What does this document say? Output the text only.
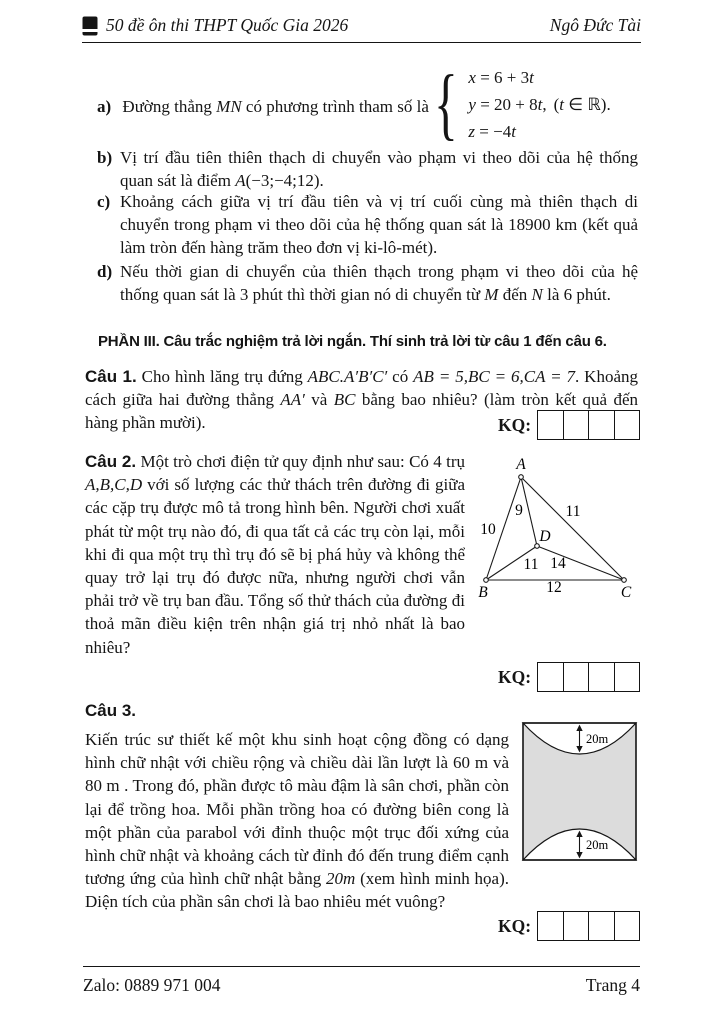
50 đề ôn thi THPT Quốc Gia 2026	Ngô Đức Tài
a) Đường thẳng MN có phương trình tham số là { x = 6 + 3t
y = 20 + 8t, (t ∈ ℝ).
z = −4t
b) Vị trí đầu tiên thiên thạch di chuyển vào phạm vi theo dõi của hệ thống quan sát là điểm A(−3;−4;12).
c) Khoảng cách giữa vị trí đầu tiên và vị trí cuối cùng mà thiên thạch di chuyển trong phạm vi theo dõi của hệ thống quan sát là 18900 km (kết quả làm tròn đến hàng trăm theo đơn vị ki-lô-mét).
d) Nếu thời gian di chuyển của thiên thạch trong phạm vi theo dõi của hệ thống quan sát là 3 phút thì thời gian nó di chuyển từ M đến N là 6 phút.
PHẦN III. Câu trắc nghiệm trả lời ngắn. Thí sinh trả lời từ câu 1 đến câu 6.
Câu 1. Cho hình lăng trụ đứng ABC.A′B′C′ có AB = 5,BC = 6,CA = 7. Khoảng cách giữa hai đường thẳng AA′ và BC bằng bao nhiêu? (làm tròn kết quả đến hàng phần mười).	KQ:
Câu 2. Một trò chơi điện tử quy định như sau: Có 4 trụ A,B,C,D với số lượng các thử thách trên đường đi giữa các cặp trụ được mô tả trong hình bên. Người chơi xuất phát từ một trụ nào đó, đi qua tất cả các trụ còn lại, mỗi khi đi qua một trụ thì trụ đó sẽ bị phá hủy và không thể quay trở lại trụ đó được nữa, nhưng người chơi vẫn phải trở về trụ ban đầu. Tổng số thử thách của đường đi thoả mãn điều kiện trên nhận giá trị nhỏ nhất là bao nhiêu?
A
B	C
D
10
9	11
11 14
12
KQ:
Câu 3.
Kiến trúc sư thiết kế một khu sinh hoạt cộng đồng có dạng hình chữ nhật với chiều rộng và chiều dài lần lượt là 60 m và 80 m . Trong đó, phần được tô màu đậm là sân chơi, phần còn lại để trồng hoa. Mỗi phần trồng hoa có đường biên cong là một phần của parabol với đỉnh thuộc một trục đối xứng của hình chữ nhật và khoảng cách từ đỉnh đó đến trung điểm cạnh tương ứng của hình chữ nhật bằng 20m (xem hình minh họa). Diện tích của phần sân chơi là bao nhiêu mét vuông?
20m
20m
KQ:
Zalo: 0889 971 004	Trang 4
